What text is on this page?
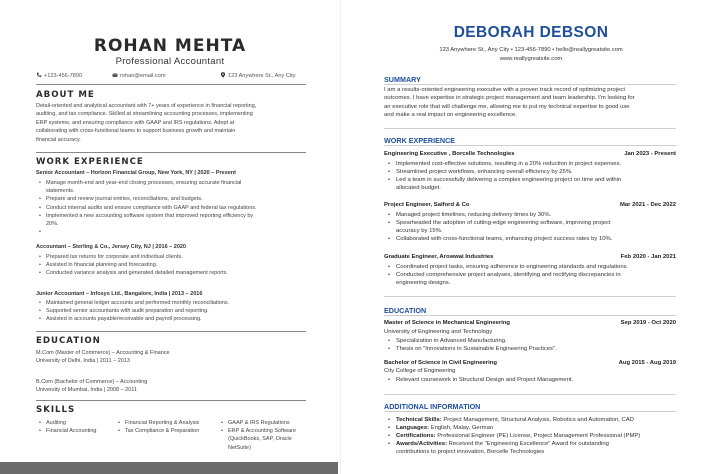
ROHAN MEHTA
Professional Accountant
+123-456-7890	rohan@email.com	123 Anywhere St., Any City
ABOUT ME
Detail-oriented and analytical accountant with 7+ years of experience in financial reporting,
auditing, and tax compliance. Skilled at streamlining accounting processes, implementing
ERP systems, and ensuring compliance with GAAP and IRS regulations. Adept at
collaborating with cross-functional teams to support business growth and maintain
financial accuracy.
WORK EXPERIENCE
Senior Accountant – Horizon Financial Group, New York, NY | 2020 – Present
• Manage month-end and year-end closing processes, ensuring accurate financial
statements.
• Prepare and review journal entries, reconciliations, and budgets.
• Conduct internal audits and ensure compliance with GAAP and federal tax regulations.
• Implemented a new accounting software system that improved reporting efficiency by
20%.
•
Accountant – Sterling & Co., Jersey City, NJ | 2016 – 2020
• Prepared tax returns for corporate and individual clients.
• Assisted in financial planning and forecasting.
• Conducted variance analysis and generated detailed management reports.
Junior Accountant – Infosys Ltd., Bangalore, India | 2013 – 2016
• Maintained general ledger accounts and performed monthly reconciliations.
• Supported senior accountants with audit preparation and reporting.
• Assisted in accounts payable/receivable and payroll processing.
EDUCATION
M.Com (Master of Commerce) – Accounting & Finance
University of Delhi, India | 2011 – 2013
B.Com (Bachelor of Commerce) – Accounting
University of Mumbai, India | 2008 – 2011
SKILLS
• Auditing
• Financial Accounting
• Financial Reporting & Analysis
• Tax Compliance & Preparation
• GAAP & IRS Regulations
• ERP & Accounting Software
(QuickBooks, SAP, Oracle
NetSuite)
DEBORAH DEBSON
123 Anywhere St., Any City • 123-456-7890 • hello@reallygreatsite.com
www.reallygreatsite.com
SUMMARY
I am a results-oriented engineering executive with a proven track record of optimizing project
outcomes. I have expertise in strategic project management and team leadership. I'm looking for
an executive role that will challenge me, allowing me to put my technical expertise to good use
and make a real impact on engineering excellence.
WORK EXPERIENCE
Engineering Executive , Borcelle Technologies	Jan 2023 - Present
• Implemented cost-effective solutions, resulting in a 20% reduction in project expenses.
• Streamlined project workflows, enhancing overall efficiency by 25%.
• Led a team in successfully delivering a complex engineering project on time and within
allocated budget.
Project Engineer, Salford & Co	Mar 2021 - Dec 2022
• Managed project timelines, reducing delivery times by 30%.
• Spearheaded the adoption of cutting-edge engineering software, improving project
accuracy by 15%.
• Collaborated with cross-functional teams, enhancing project success rates by 10%.
Graduate Engineer, Arowwai Industries	Feb 2020 - Jan 2021
• Coordinated project tasks, ensuring adherence to engineering standards and regulations.
• Conducted comprehensive project analyses, identifying and rectifying discrepancies in
engineering designs.
EDUCATION
Master of Science in Mechanical Engineering	Sep 2019 - Oct 2020
University of Engineering and Technology
• Specialization in Advanced Manufacturing.
• Thesis on "Innovations in Sustainable Engineering Practices".
Bachelor of Science in Civil Engineering	Aug 2015 - Aug 2019
City College of Engineering
• Relevant coursework in Structural Design and Project Management.
ADDITIONAL INFORMATION
• Technical Skills: Project Management, Structural Analysis, Robotics and Automation, CAD
• Languages: English, Malay, German
• Certifications: Professional Engineer (PE) License, Project Management Professional (PMP)
• Awards/Activities: Received the "Engineering Excellence" Award for outstanding
contributions to project innovation, Borcelle Technologies
